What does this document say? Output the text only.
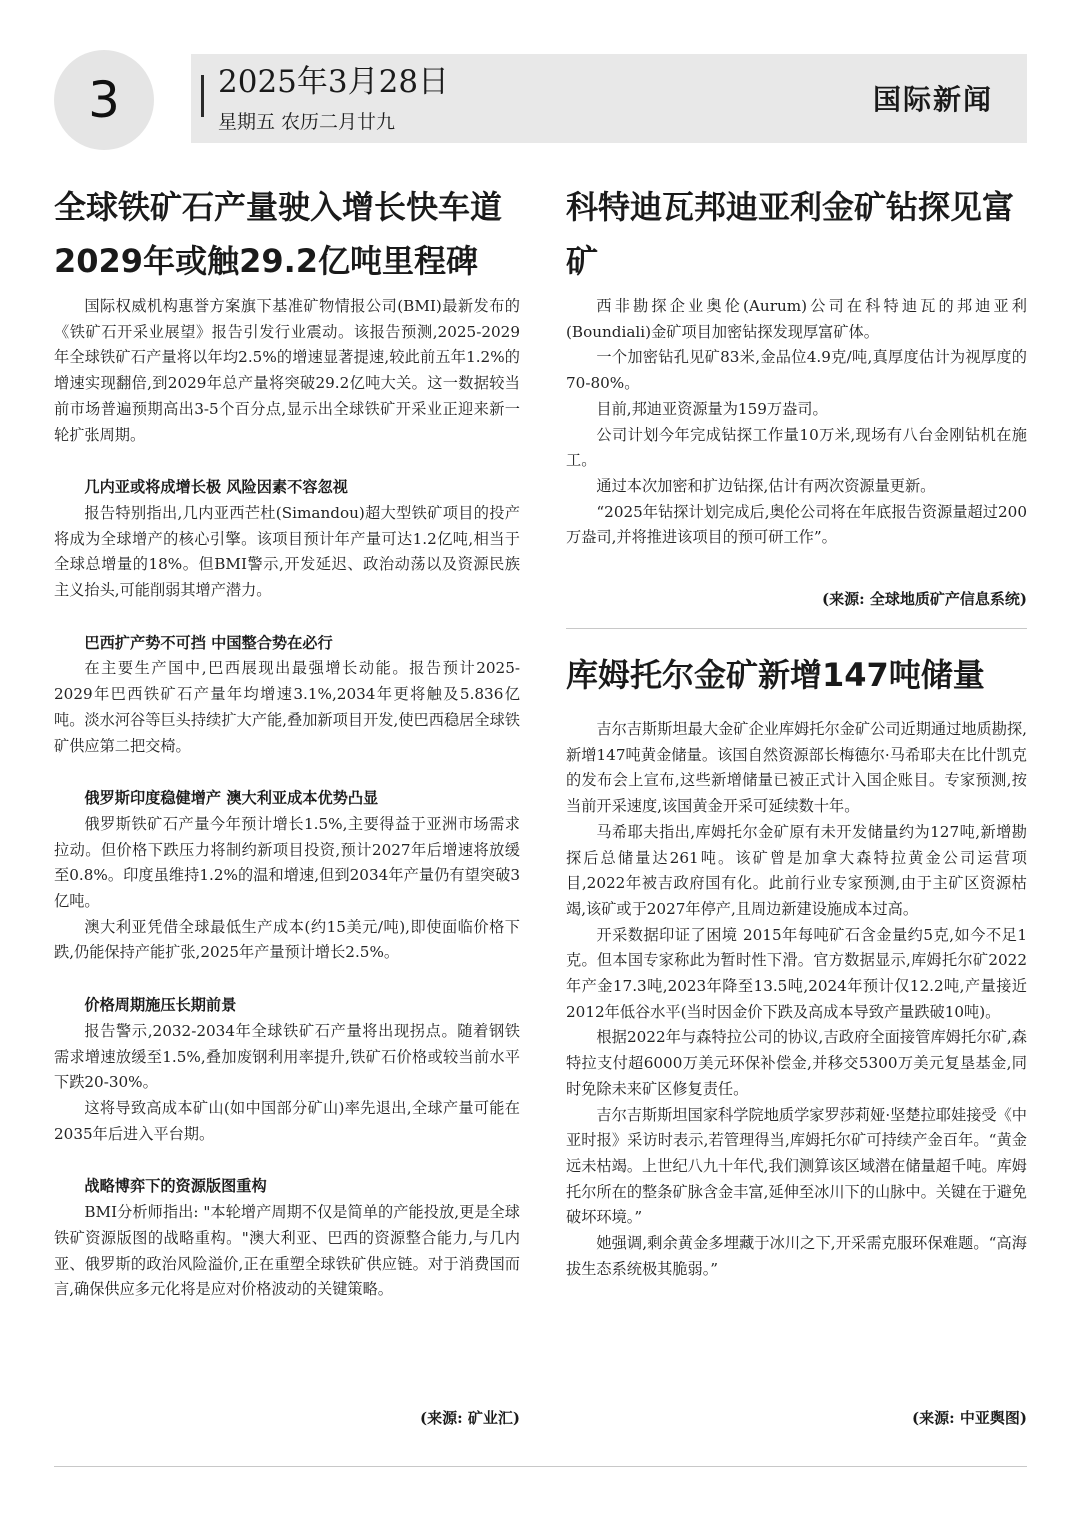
3	2025年3月28日
星期五 农历二月廿九
国际新闻
全球铁矿石产量驶入增长快车道 2029年或触29.2亿吨里程碑

国际权威机构惠誉方案旗下基准矿物情报公司(BMI)最新发布的《铁矿石开采业展望》报告引发行业震动。该报告预测,2025-2029年全球铁矿石产量将以年均2.5%的增速显著提速,较此前五年1.2%的增速实现翻倍,到2029年总产量将突破29.2亿吨大关。这一数据较当前市场普遍预期高出3-5个百分点,显示出全球铁矿开采业正迎来新一轮扩张周期。

几内亚或将成增长极 风险因素不容忽视

报告特别指出,几内亚西芒杜(Simandou)超大型铁矿项目的投产将成为全球增产的核心引擎。该项目预计年产量可达1.2亿吨,相当于全球总增量的18%。但BMI警示,开发延迟、政治动荡以及资源民族主义抬头,可能削弱其增产潜力。

巴西扩产势不可挡 中国整合势在必行

在主要生产国中,巴西展现出最强增长动能。报告预计2025-2029年巴西铁矿石产量年均增速3.1%,2034年更将触及5.836亿吨。淡水河谷等巨头持续扩大产能,叠加新项目开发,使巴西稳居全球铁矿供应第二把交椅。

俄罗斯印度稳健增产 澳大利亚成本优势凸显

俄罗斯铁矿石产量今年预计增长1.5%,主要得益于亚洲市场需求拉动。但价格下跌压力将制约新项目投资,预计2027年后增速将放缓至0.8%。印度虽维持1.2%的温和增速,但到2034年产量仍有望突破3亿吨。

澳大利亚凭借全球最低生产成本(约15美元/吨),即使面临价格下跌,仍能保持产能扩张,2025年产量预计增长2.5%。

价格周期施压长期前景

报告警示,2032-2034年全球铁矿石产量将出现拐点。随着钢铁需求增速放缓至1.5%,叠加废钢利用率提升,铁矿石价格或较当前水平下跌20-30%。

这将导致高成本矿山(如中国部分矿山)率先退出,全球产量可能在2035年后进入平台期。

战略博弈下的资源版图重构

BMI分析师指出: "本轮增产周期不仅是简单的产能投放,更是全球铁矿资源版图的战略重构。"澳大利亚、巴西的资源整合能力,与几内亚、俄罗斯的政治风险溢价,正在重塑全球铁矿供应链。对于消费国而言,确保供应多元化将是应对价格波动的关键策略。

(来源: 矿业汇)
科特迪瓦邦迪亚利金矿钻探见富矿

西非勘探企业奥伦(Aurum)公司在科特迪瓦的邦迪亚利(Boundiali)金矿项目加密钻探发现厚富矿体。

一个加密钻孔见矿83米,金品位4.9克/吨,真厚度估计为视厚度的70-80%。

目前,邦迪亚资源量为159万盎司。

公司计划今年完成钻探工作量10万米,现场有八台金刚钻机在施工。

通过本次加密和扩边钻探,估计有两次资源量更新。

“2025年钻探计划完成后,奥伦公司将在年底报告资源量超过200万盎司,并将推进该项目的预可研工作”。

(来源: 全球地质矿产信息系统)
库姆托尔金矿新增147吨储量

吉尔吉斯斯坦最大金矿企业库姆托尔金矿公司近期通过地质勘探,新增147吨黄金储量。该国自然资源部长梅德尔·马希耶夫在比什凯克的发布会上宣布,这些新增储量已被正式计入国企账目。专家预测,按当前开采速度,该国黄金开采可延续数十年。

马希耶夫指出,库姆托尔金矿原有未开发储量约为127吨,新增勘探后总储量达261吨。该矿曾是加拿大森特拉黄金公司运营项目,2022年被吉政府国有化。此前行业专家预测,由于主矿区资源枯竭,该矿或于2027年停产,且周边新建设施成本过高。

开采数据印证了困境 2015年每吨矿石含金量约5克,如今不足1克。但本国专家称此为暂时性下滑。官方数据显示,库姆托尔矿2022年产金17.3吨,2023年降至13.5吨,2024年预计仅12.2吨,产量接近2012年低谷水平(当时因金价下跌及高成本导致产量跌破10吨)。

根据2022年与森特拉公司的协议,吉政府全面接管库姆托尔矿,森特拉支付超6000万美元环保补偿金,并移交5300万美元复垦基金,同时免除未来矿区修复责任。

吉尔吉斯斯坦国家科学院地质学家罗莎莉娅·坚楚拉耶娃接受《中亚时报》采访时表示,若管理得当,库姆托尔矿可持续产金百年。“黄金远未枯竭。上世纪八九十年代,我们测算该区域潜在储量超千吨。库姆托尔所在的整条矿脉含金丰富,延伸至冰川下的山脉中。关键在于避免破坏环境。”

她强调,剩余黄金多埋藏于冰川之下,开采需克服环保难题。“高海拔生态系统极其脆弱。”

(来源: 中亚舆图)
